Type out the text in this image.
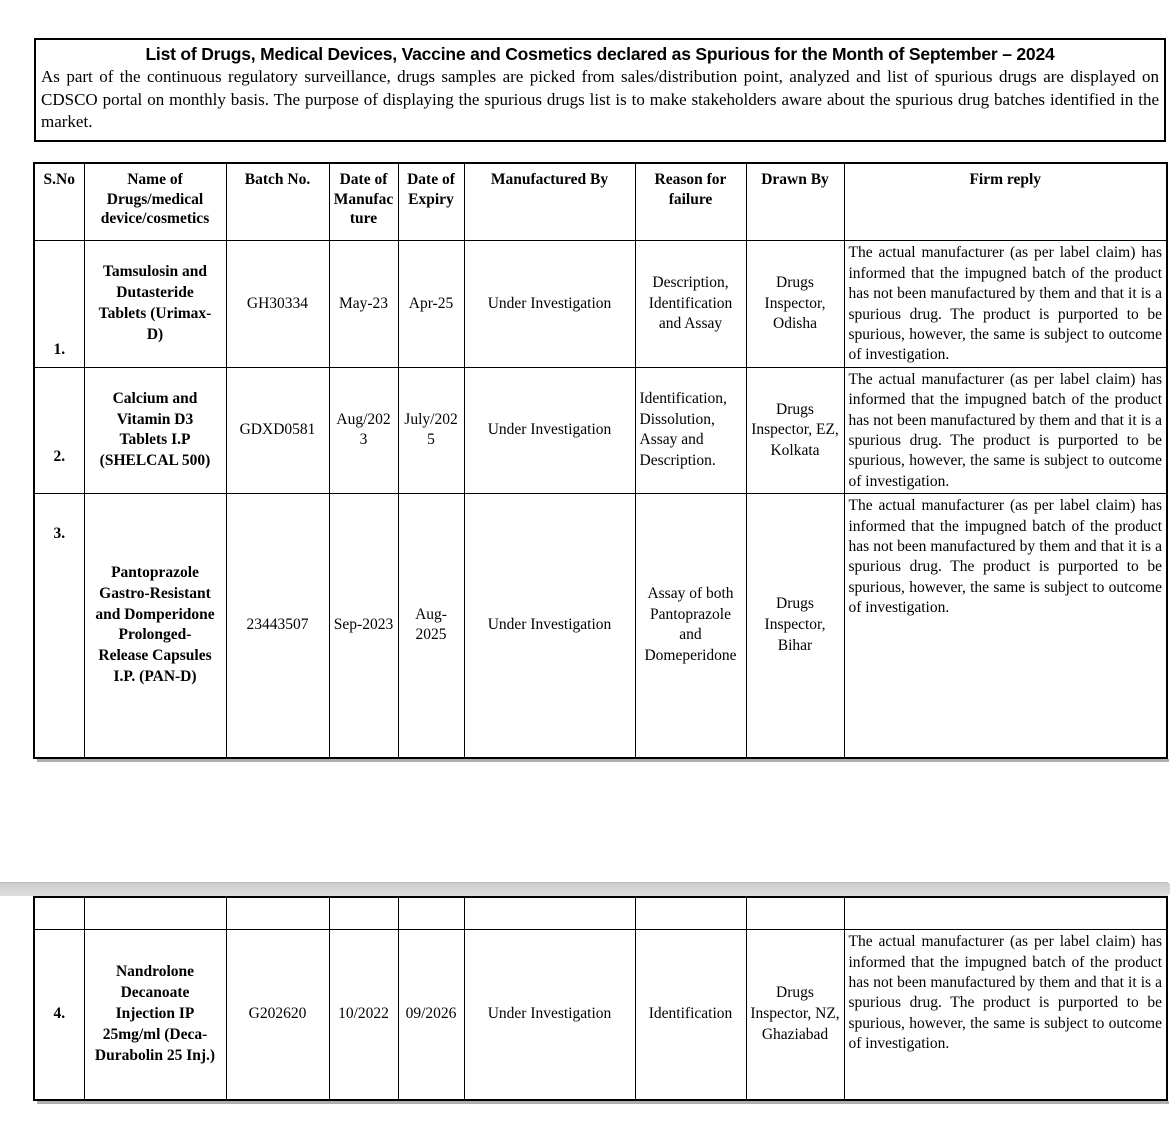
List of Drugs, Medical Devices, Vaccine and Cosmetics declared as Spurious for the Month of September – 2024
As part of the continuous regulatory surveillance, drugs samples are picked from sales/distribution point, analyzed and list of spurious drugs are displayed on CDSCO portal on monthly basis. The purpose of displaying the spurious drugs list is to make stakeholders aware about the spurious drug batches identified in the market.
S.No	Name of Drugs/medical device/cosmetics	Batch No.	Date of Manufacture	Date of Expiry	Manufactured By	Reason for failure	Drawn By	Firm reply
1.	Tamsulosin and Dutasteride Tablets (Urimax-D)	GH30334	May-23	Apr-25	Under Investigation	Description, Identification and Assay	Drugs Inspector, Odisha	The actual manufacturer (as per label claim) has informed that the impugned batch of the product has not been manufactured by them and that it is a spurious drug. The product is purported to be spurious, however, the same is subject to outcome of investigation.
2.	Calcium and Vitamin D3 Tablets I.P (SHELCAL 500)	GDXD0581	Aug/2023	July/2025	Under Investigation	Identification, Dissolution, Assay and Description.	Drugs Inspector, EZ, Kolkata	The actual manufacturer (as per label claim) has informed that the impugned batch of the product has not been manufactured by them and that it is a spurious drug. The product is purported to be spurious, however, the same is subject to outcome of investigation.
3.	Pantoprazole Gastro-Resistant and Domperidone Prolonged-Release Capsules I.P. (PAN-D)	23443507	Sep-2023	Aug-2025	Under Investigation	Assay of both Pantoprazole and Domeperidone	Drugs Inspector, Bihar	The actual manufacturer (as per label claim) has informed that the impugned batch of the product has not been manufactured by them and that it is a spurious drug. The product is purported to be spurious, however, the same is subject to outcome of investigation.

4.	Nandrolone Decanoate Injection IP 25mg/ml (Deca-Durabolin 25 Inj.)	G202620	10/2022	09/2026	Under Investigation	Identification	Drugs Inspector, NZ, Ghaziabad	The actual manufacturer (as per label claim) has informed that the impugned batch of the product has not been manufactured by them and that it is a spurious drug. The product is purported to be spurious, however, the same is subject to outcome of investigation.
